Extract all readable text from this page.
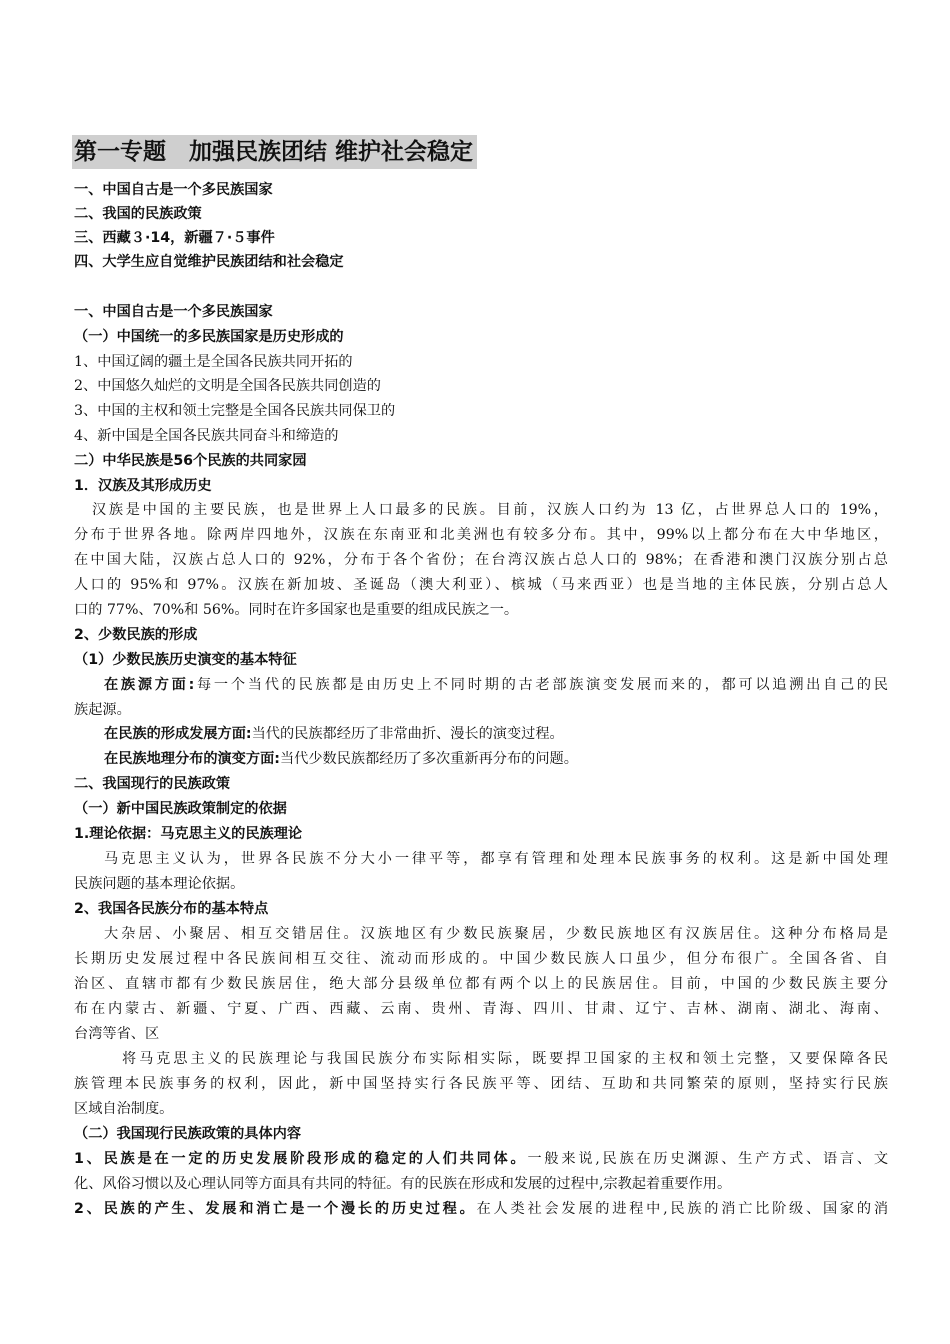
第一专题　加强民族团结 维护社会稳定
一、中国自古是一个多民族国家
二、我国的民族政策
三、西藏３·14，新疆７·５事件
四、大学生应自觉维护民族团结和社会稳定
一、中国自古是一个多民族国家
（一）中国统一的多民族国家是历史形成的
1、中国辽阔的疆土是全国各民族共同开拓的
2、中国悠久灿烂的文明是全国各民族共同创造的
3、中国的主权和领土完整是全国各民族共同保卫的
4、新中国是全国各民族共同奋斗和缔造的
二）中华民族是56个民族的共同家园
1．汉族及其形成历史
汉族是中国的主要民族，也是世界上人口最多的民族。目前，汉族人口约为 13 亿，占世界总人口的 19%，
分布于世界各地。除两岸四地外，汉族在东南亚和北美洲也有较多分布。其中，99%以上都分布在大中华地区，
在中国大陆，汉族占总人口的 92%，分布于各个省份；在台湾汉族占总人口的 98%；在香港和澳门汉族分别占总
人口的 95%和 97%。汉族在新加坡、圣诞岛（澳大利亚）、槟城（马来西亚）也是当地的主体民族，分别占总人
口的 77%、70%和 56%。同时在许多国家也是重要的组成民族之一。
2、少数民族的形成
（1）少数民族历史演变的基本特征
在族源方面:每一个当代的民族都是由历史上不同时期的古老部族演变发展而来的，都可以追溯出自己的民
族起源。
在民族的形成发展方面:当代的民族都经历了非常曲折、漫长的演变过程。
在民族地理分布的演变方面:当代少数民族都经历了多次重新再分布的问题。
二、我国现行的民族政策
（一）新中国民族政策制定的依据
1.理论依据：马克思主义的民族理论
马克思主义认为，世界各民族不分大小一律平等，都享有管理和处理本民族事务的权利。这是新中国处理
民族问题的基本理论依据。
2、我国各民族分布的基本特点
大杂居、小聚居、相互交错居住。汉族地区有少数民族聚居，少数民族地区有汉族居住。这种分布格局是
长期历史发展过程中各民族间相互交往、流动而形成的。中国少数民族人口虽少，但分布很广。全国各省、自
治区、直辖市都有少数民族居住，绝大部分县级单位都有两个以上的民族居住。目前，中国的少数民族主要分
布在内蒙古、新疆、宁夏、广西、西藏、云南、贵州、青海、四川、甘肃、辽宁、吉林、湖南、湖北、海南、
台湾等省、区
将马克思主义的民族理论与我国民族分布实际相实际，既要捍卫国家的主权和领土完整，又要保障各民
族管理本民族事务的权利，因此，新中国坚持实行各民族平等、团结、互助和共同繁荣的原则，坚持实行民族
区域自治制度。
（二）我国现行民族政策的具体内容
1、民族是在一定的历史发展阶段形成的稳定的人们共同体。一般来说,民族在历史渊源、生产方式、语言、文
化、风俗习惯以及心理认同等方面具有共同的特征。有的民族在形成和发展的过程中,宗教起着重要作用。
2、民族的产生、发展和消亡是一个漫长的历史过程。在人类社会发展的进程中,民族的消亡比阶级、国家的消
